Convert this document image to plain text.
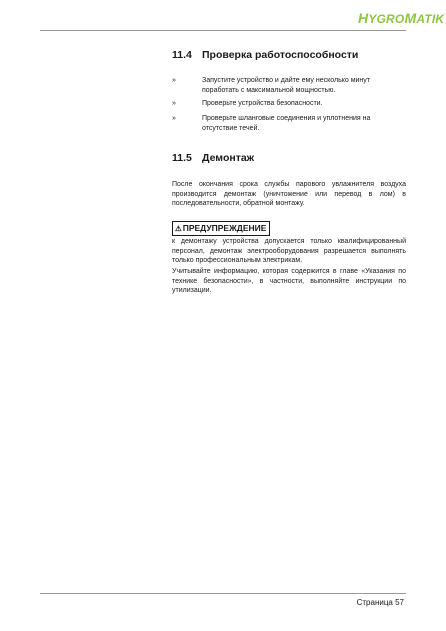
HYGROMATIK
11.4 Проверка работоспособности
»	Запустите устройство и дайте ему несколько минут поработать с максимальной мощностью.
»	Проверьте устройства безопасности.
»	Проверьте шланговые соединения и уплотнения на отсутствие течей.
11.5 Демонтаж
После окончания срока службы парового увлажнителя воздуха производится демонтаж (уничтожение или перевод в лом) в последовательности, обратной монтажу.
⚠ПРЕДУПРЕЖДЕНИЕ
к демонтажу устройства допускается только квалифицированный персонал, демонтаж электрооборудования разрешается выполнять только профессиональным электрикам.
Учитывайте информацию, которая содержится в главе «Указания по технике безопасности», в частности, выполняйте инструкции по утилизации.
Страница 57
